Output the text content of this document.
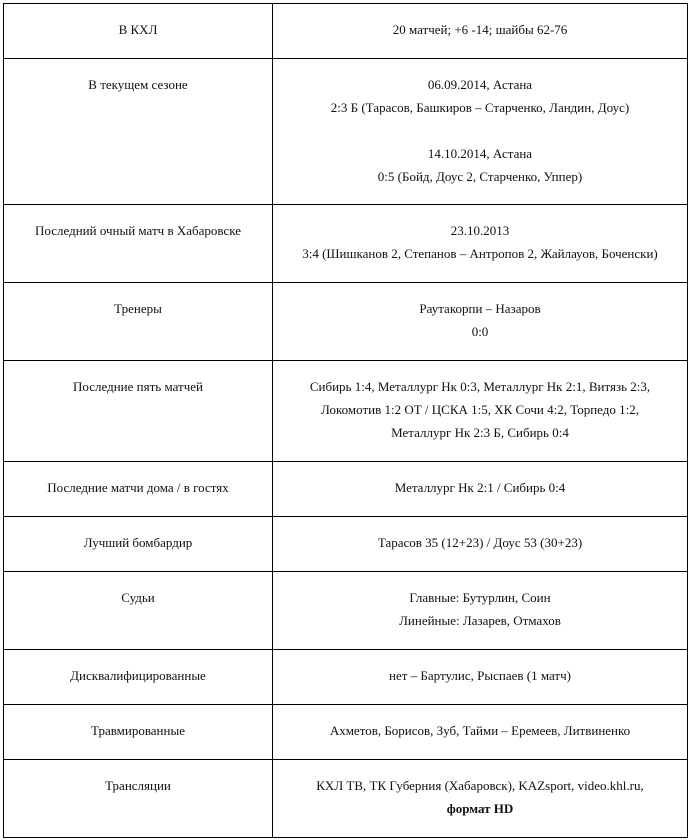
В КХЛ	20 матчей; +6 -14; шайбы 62-76

В текущем сезоне	06.09.2014, Астана
2:3 Б (Тарасов, Башкиров – Старченко, Ландин, Доус)
14.10.2014, Астана
0:5 (Бойд, Доус 2, Старченко, Уппер)

Последний очный матч в Хабаровске	23.10.2013
3:4 (Шишканов 2, Степанов – Антропов 2, Жайлауов, Боченски)

Тренеры	Раутакорпи – Назаров
0:0

Последние пять матчей	Сибирь 1:4, Металлург Нк 0:3, Металлург Нк 2:1, Витязь 2:3,
Локомотив 1:2 ОТ / ЦСКА 1:5, ХК Сочи 4:2, Торпедо 1:2,
Металлург Нк 2:3 Б, Сибирь 0:4

Последние матчи дома / в гостях	Металлург Нк 2:1 / Сибирь 0:4

Лучший бомбардир	Тарасов 35 (12+23) / Доус 53 (30+23)

Судьи	Главные: Бутурлин, Соин
Линейные: Лазарев, Отмахов

Дисквалифицированные	нет – Бартулис, Рыспаев (1 матч)

Травмированные	Ахметов, Борисов, Зуб, Тайми – Еремеев, Литвиненко

Трансляции	КХЛ ТВ, ТК Губерния (Хабаровск), KAZsport, video.khl.ru,
формат HD
